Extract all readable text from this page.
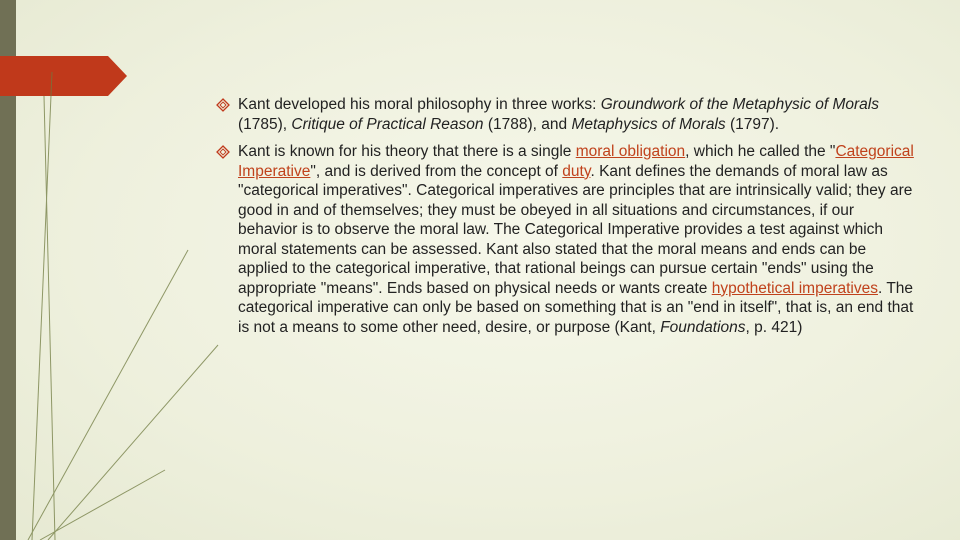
Kant developed his moral philosophy in three works: Groundwork of the Metaphysic of Morals (1785), Critique of Practical Reason (1788), and Metaphysics of Morals (1797).
Kant is known for his theory that there is a single moral obligation, which he called the "Categorical Imperative", and is derived from the concept of duty. Kant defines the demands of moral law as "categorical imperatives". Categorical imperatives are principles that are intrinsically valid; they are good in and of themselves; they must be obeyed in all situations and circumstances, if our behavior is to observe the moral law. The Categorical Imperative provides a test against which moral statements can be assessed. Kant also stated that the moral means and ends can be applied to the categorical imperative, that rational beings can pursue certain "ends" using the appropriate "means". Ends based on physical needs or wants create hypothetical imperatives. The categorical imperative can only be based on something that is an "end in itself", that is, an end that is not a means to some other need, desire, or purpose (Kant, Foundations, p. 421)
